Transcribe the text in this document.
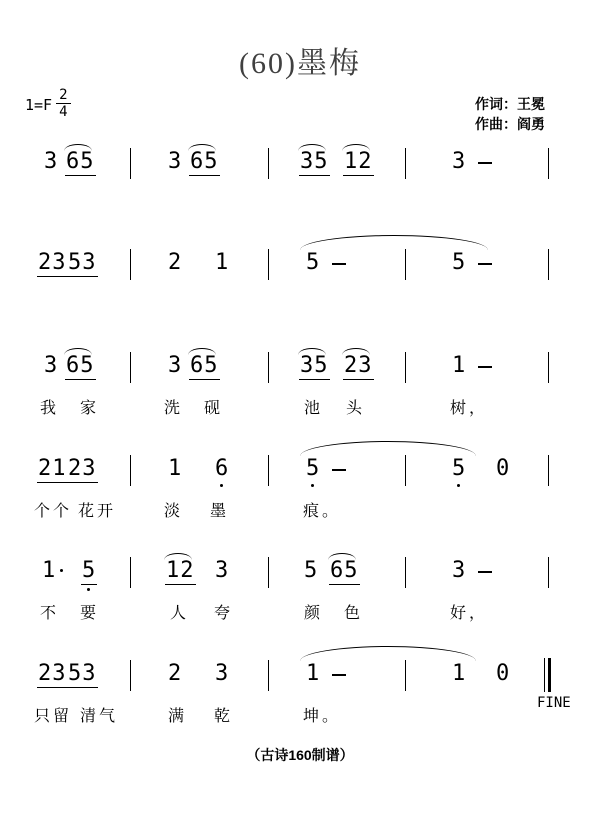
(60)墨梅
$1=F \frac{2}{4}$	作词：王冕
作曲：阎勇
3 65	3 65	35 12	3
23 53	2 1	5	5
3 65	3 65	35 23	1
我 家	洗 砚	池 头	树，
21 23	1 6	5	5 0
个个 花开	淡 墨	痕。
1 5	12 3	5 65	3
不 要	人 夸	颜 色	好，
23 53	2 3	1	1 0
只留 清气	满 乾	坤。
FINE
（古诗160制谱）
